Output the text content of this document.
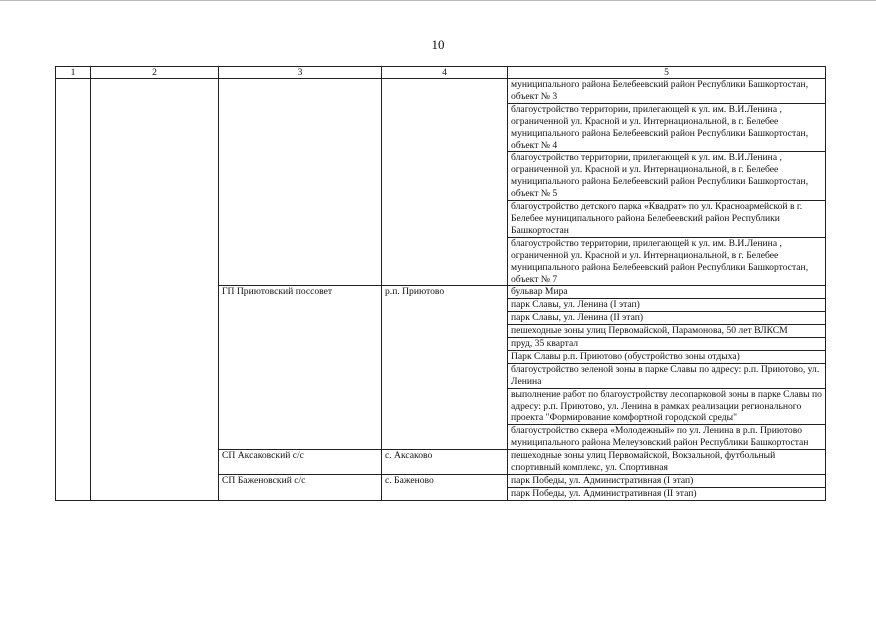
10
1	2	3	4	5
				муниципального района Белебеевский район Республики Башкортостан, объект № 3
				благоустройство территории, прилегающей к ул. им. В.И.Ленина , ограниченной ул. Красной и ул. Интернациональной, в г. Белебее муниципального района Белебеевский район Республики Башкортостан, объект № 4
				благоустройство территории, прилегающей к ул. им. В.И.Ленина , ограниченной ул. Красной и ул. Интернациональной, в г. Белебее муниципального района Белебеевский район Республики Башкортостан, объект № 5
				благоустройство детского парка «Квадрат» по ул. Красноармейской в г. Белебее муниципального района Белебеевский район Республики Башкортостан
				благоустройство территории, прилегающей к ул. им. В.И.Ленина , ограниченной ул. Красной и ул. Интернациональной, в г. Белебее муниципального района Белебеевский район Республики Башкортостан, объект № 7
		ГП Приютовский поссовет	р.п. Приютово	бульвар Мира
				парк Славы, ул. Ленина (I этап)
				парк Славы, ул. Ленина (II этап)
				пешеходные зоны улиц Первомайской, Парамонова, 50 лет ВЛКСМ
				пруд, 35 квартал
				Парк Славы р.п. Приютово (обустройство зоны отдыха)
				благоустройство зеленой зоны в парке Славы по адресу: р.п. Приютово, ул. Ленина
				выполнение работ по благоустройству лесопарковой зоны в парке Славы по адресу: р.п. Приютово, ул. Ленина в рамках реализации регионального проекта "Формирование комфортной городской среды"
				благоустройство сквера «Молодежный» по ул. Ленина в р.п. Приютово муниципального района Мелеузовский район Республики Башкортостан
		СП Аксаковский с/с	с. Аксаково	пешеходные зоны улиц Первомайской, Вокзальной, футбольный спортивный комплекс, ул. Спортивная
		СП Баженовский с/с	с. Баженово	парк Победы, ул. Административная (I этап)
				парк Победы, ул. Административная (II этап)
